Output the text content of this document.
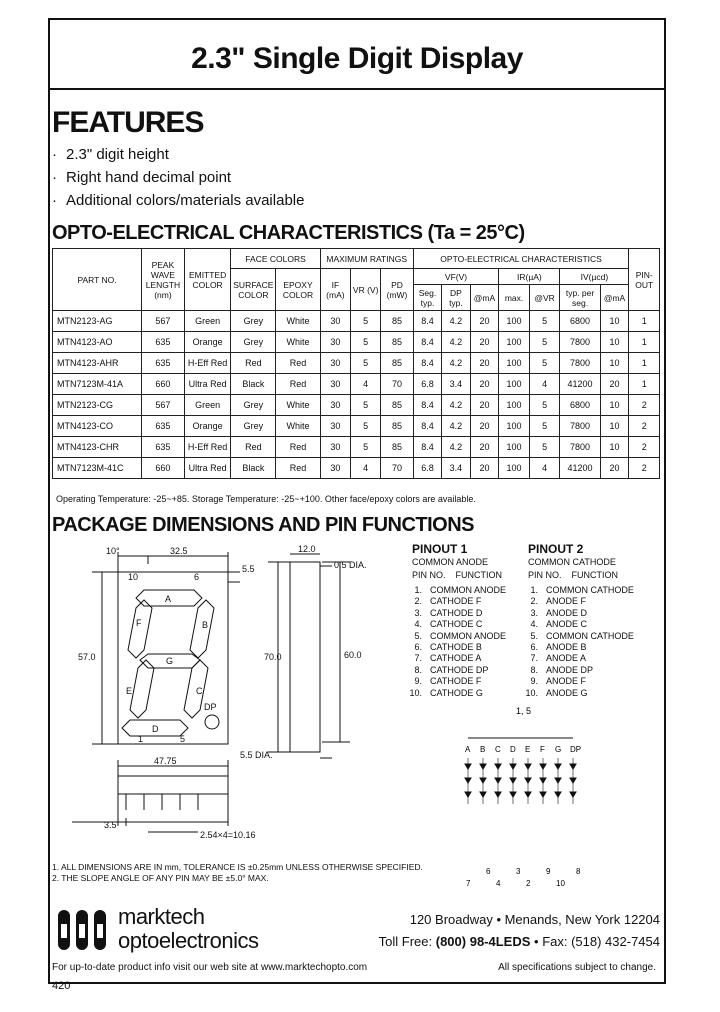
2.3" Single Digit Display
FEATURES
· 2.3" digit height
· Right hand decimal point
· Additional colors/materials available
OPTO-ELECTRICAL CHARACTERISTICS (Ta = 25°C)
PART NO.	PEAK WAVE LENGTH (nm)	EMITTED COLOR	FACE COLORS		MAXIMUM RATINGS			OPTO-ELECTRICAL CHARACTERISTICS							PIN-OUT
			SURFACE COLOR	EPOXY COLOR	IF (mA)	VR (V)	PD (mW)	VF(V)			IR(µA)		IV(µcd)		
								Seg. typ.	DP typ.	@mA	max.	@VR	typ. per seg.	@mA	
MTN2123-AG	567	Green	Grey	White	30	5	85	8.4	4.2	20	100	5	6800	10	1
MTN4123-AO	635	Orange	Grey	White	30	5	85	8.4	4.2	20	100	5	7800	10	1
MTN4123-AHR	635	H-Eff Red	Red	Red	30	5	85	8.4	4.2	20	100	5	7800	10	1
MTN7123M-41A	660	Ultra Red	Black	Red	30	4	70	6.8	3.4	20	100	4	41200	20	1
MTN2123-CG	567	Green	Grey	White	30	5	85	8.4	4.2	20	100	5	6800	10	2
MTN4123-CO	635	Orange	Grey	White	30	5	85	8.4	4.2	20	100	5	7800	10	2
MTN4123-CHR	635	H-Eff Red	Red	Red	30	5	85	8.4	4.2	20	100	5	7800	10	2
MTN7123M-41C	660	Ultra Red	Black	Red	30	4	70	6.8	3.4	20	100	4	41200	20	2
Operating Temperature: -25~+85. Storage Temperature: -25~+100. Other face/epoxy colors are available.
PACKAGE DIMENSIONS AND PIN FUNCTIONS
10°	32.5	12.0
0.5 DIA.
5.5
57.0	70.0	60.0
5.5 DIA.
47.75
3.5
2.54×4=10.16
10	6
1	5
A
B
C
D
E
F
G
DP
PINOUT 1
COMMON ANODE
PIN NO. FUNCTION
1. COMMON ANODE
2. CATHODE F
3. CATHODE D
4. CATHODE C
5. COMMON ANODE
6. CATHODE B
7. CATHODE A
8. CATHODE DP
9. CATHODE F
10. CATHODE G
PINOUT 2
COMMON CATHODE
PIN NO. FUNCTION
1. COMMON CATHODE
2. ANODE F
3. ANODE D
4. ANODE C
5. COMMON CATHODE
6. ANODE B
7. ANODE A
8. ANODE DP
9. ANODE F
10. ANODE G
1, 5
A B C D E F G DP
6	3	9	8
7	4	2	10
1. ALL DIMENSIONS ARE IN mm, TOLERANCE IS ±0.25mm UNLESS OTHERWISE SPECIFIED.
2. THE SLOPE ANGLE OF ANY PIN MAY BE ±5.0° MAX.
marktech
optoelectronics
120 Broadway • Menands, New York 12204
Toll Free: (800) 98-4LEDS • Fax: (518) 432-7454
For up-to-date product info visit our web site at www.marktechopto.com	All specifications subject to change.
420
